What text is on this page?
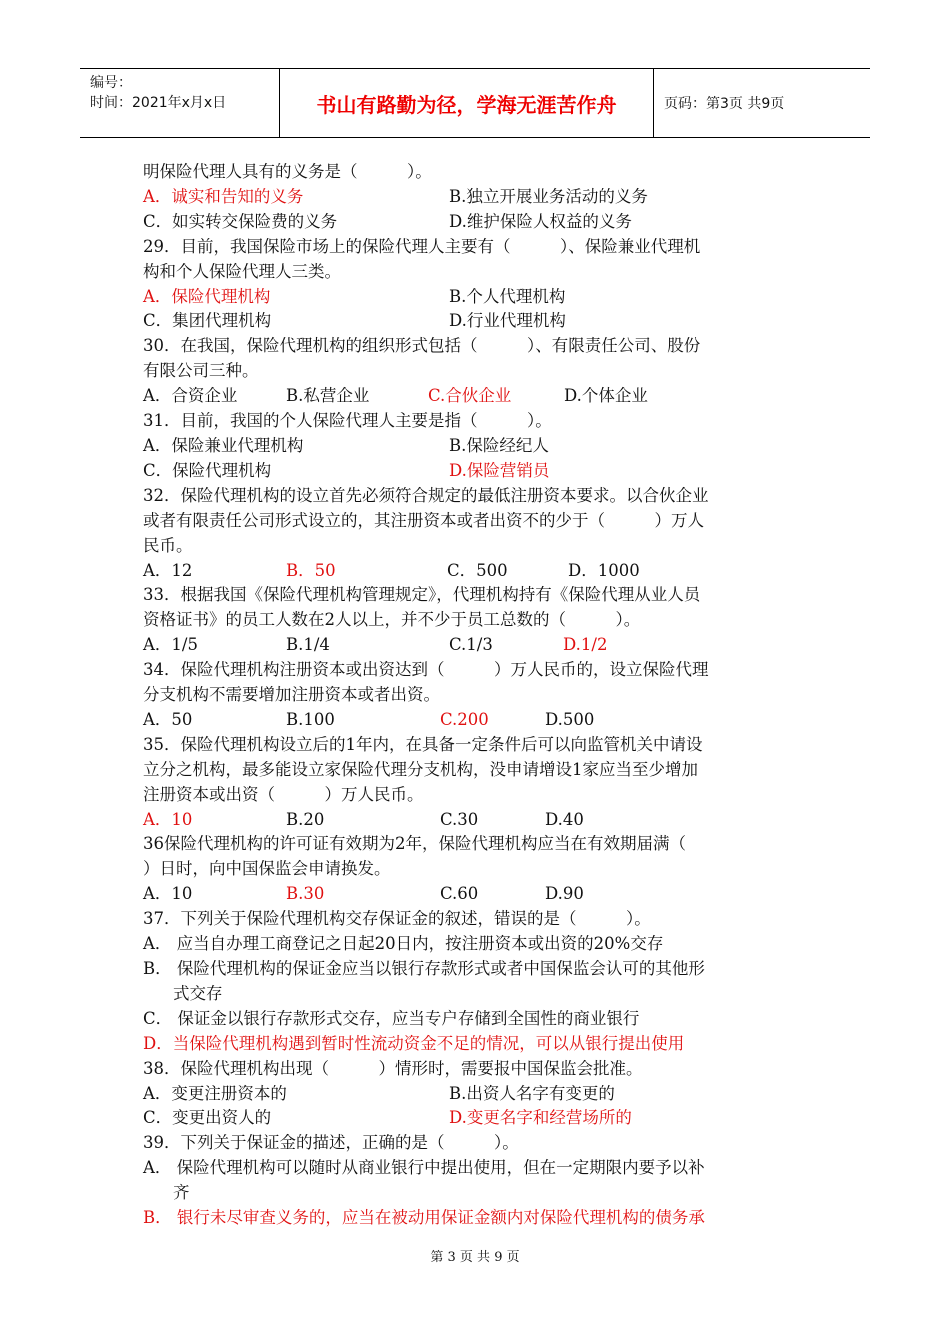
编号：
时间：2021年x月x日	书山有路勤为径，学海无涯苦作舟	页码：第3页 共9页
明保险代理人具有的义务是（　　　）。
A．诚实和告知的义务	B.独立开展业务活动的义务
C．如实转交保险费的义务	D.维护保险人权益的义务
29．目前，我国保险市场上的保险代理人主要有（　　　）、保险兼业代理机
构和个人保险代理人三类。
A．保险代理机构	B.个人代理机构
C．集团代理机构	D.行业代理机构
30．在我国，保险代理机构的组织形式包括（　　　）、有限责任公司、股份
有限公司三种。
A．合资企业	B.私营企业	C.合伙企业	D.个体企业
31．目前，我国的个人保险代理人主要是指（　　　）。
A．保险兼业代理机构	B.保险经纪人
C．保险代理机构	D.保险营销员
32．保险代理机构的设立首先必须符合规定的最低注册资本要求。以合伙企业
或者有限责任公司形式设立的，其注册资本或者出资不的少于（　　　）万人
民币。
A．12	B．50	C．500	D．1000
33．根据我国《保险代理机构管理规定》，代理机构持有《保险代理从业人员
资格证书》的员工人数在2人以上，并不少于员工总数的（　　　）。
A．1/5	B.1/4	C.1/3	D.1/2
34．保险代理机构注册资本或出资达到（　　　）万人民币的，设立保险代理
分支机构不需要增加注册资本或者出资。
A．50	B.100	C.200	D.500
35．保险代理机构设立后的1年内，在具备一定条件后可以向监管机关中请设
立分之机构，最多能设立家保险代理分支机构，没申请增设1家应当至少增加
注册资本或出资（　　　）万人民币。
A．10	B.20	C.30	D.40
36保险代理机构的许可证有效期为2年，保险代理机构应当在有效期届满（
）日时，向中国保监会申请换发。
A．10	B.30	C.60	D.90
37．下列关于保险代理机构交存保证金的叙述，错误的是（　　　）。
A． 应当自办理工商登记之日起20日内，按注册资本或出资的20%交存
B． 保险代理机构的保证金应当以银行存款形式或者中国保监会认可的其他形
式交存
C． 保证金以银行存款形式交存，应当专户存储到全国性的商业银行
D．当保险代理机构遇到暂时性流动资金不足的情况，可以从银行提出使用
38．保险代理机构出现（　　　）情形时，需要报中国保监会批准。
A．变更注册资本的	B.出资人名字有变更的
C．变更出资人的	D.变更名字和经营场所的
39．下列关于保证金的描述，正确的是（　　　）。
A． 保险代理机构可以随时从商业银行中提出使用，但在一定期限内要予以补
齐
B． 银行未尽审查义务的，应当在被动用保证金额内对保险代理机构的债务承
第 3 页 共 9 页
